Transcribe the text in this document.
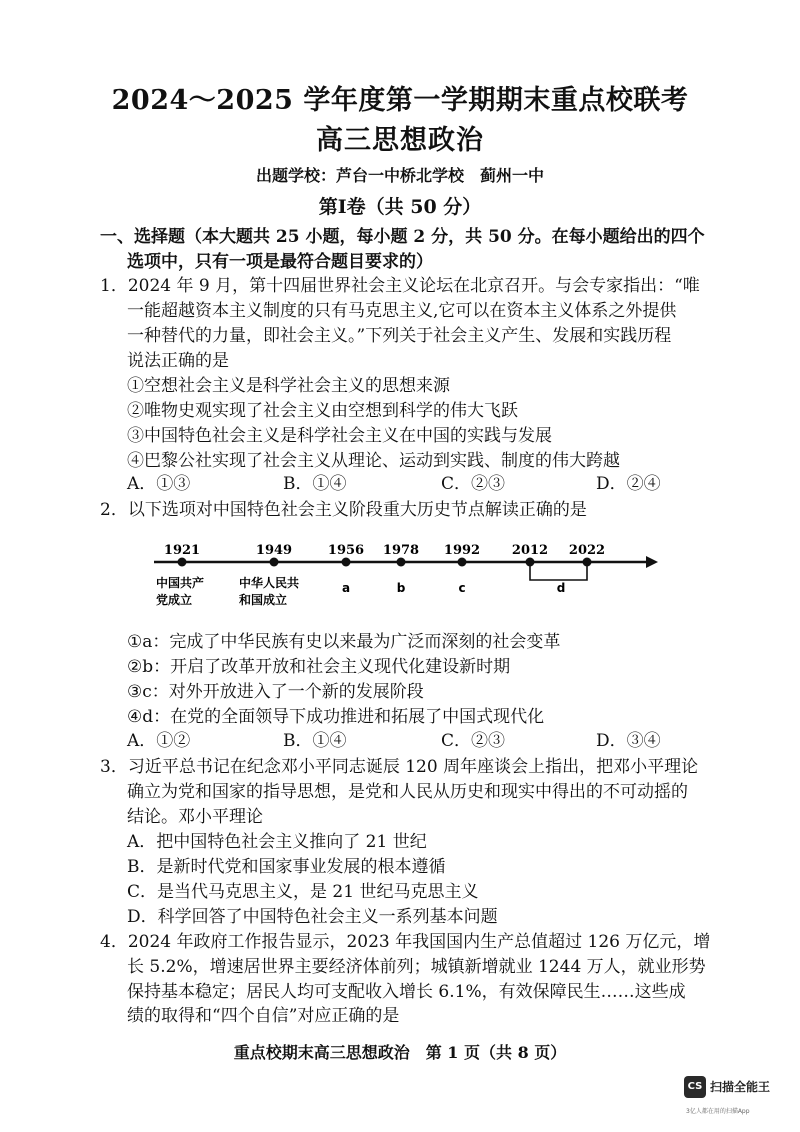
2024～2025 学年度第一学期期末重点校联考
高三思想政治
出题学校：芦台一中桥北学校　蓟州一中
第Ⅰ卷（共 50 分）
一、选择题（本大题共 25 小题，每小题 2 分，共 50 分。在每小题给出的四个
选项中，只有一项是最符合题目要求的）
1．2024 年 9 月，第十四届世界社会主义论坛在北京召开。与会专家指出：“唯
一能超越资本主义制度的只有马克思主义,它可以在资本主义体系之外提供
一种替代的力量，即社会主义。”下列关于社会主义产生、发展和实践历程
说法正确的是
①空想社会主义是科学社会主义的思想来源
②唯物史观实现了社会主义由空想到科学的伟大飞跃
③中国特色社会主义是科学社会主义在中国的实践与发展
④巴黎公社实现了社会主义从理论、运动到实践、制度的伟大跨越
A．①③	B．①④	C．②③	D．②④
2．以下选项对中国特色社会主义阶段重大历史节点解读正确的是
1921	1949	1956 1978 1992 2012 2022
中国共产
党成立
中华人民共
和国成立
a	b	c	d
①a：完成了中华民族有史以来最为广泛而深刻的社会变革
②b：开启了改革开放和社会主义现代化建设新时期
③c：对外开放进入了一个新的发展阶段
④d：在党的全面领导下成功推进和拓展了中国式现代化
A．①②	B．①④	C．②③	D．③④
3．习近平总书记在纪念邓小平同志诞辰 120 周年座谈会上指出，把邓小平理论
确立为党和国家的指导思想，是党和人民从历史和现实中得出的不可动摇的
结论。邓小平理论
A．把中国特色社会主义推向了 21 世纪
B．是新时代党和国家事业发展的根本遵循
C．是当代马克思主义，是 21 世纪马克思主义
D．科学回答了中国特色社会主义一系列基本问题
4．2024 年政府工作报告显示，2023 年我国国内生产总值超过 126 万亿元，增
长 5.2%，增速居世界主要经济体前列；城镇新增就业 1244 万人，就业形势
保持基本稳定；居民人均可支配收入增长 6.1%，有效保障民生……这些成
绩的取得和“四个自信”对应正确的是
重点校期末高三思想政治　第 1 页（共 8 页）
CS 扫描全能王
3亿人都在用的扫描App
